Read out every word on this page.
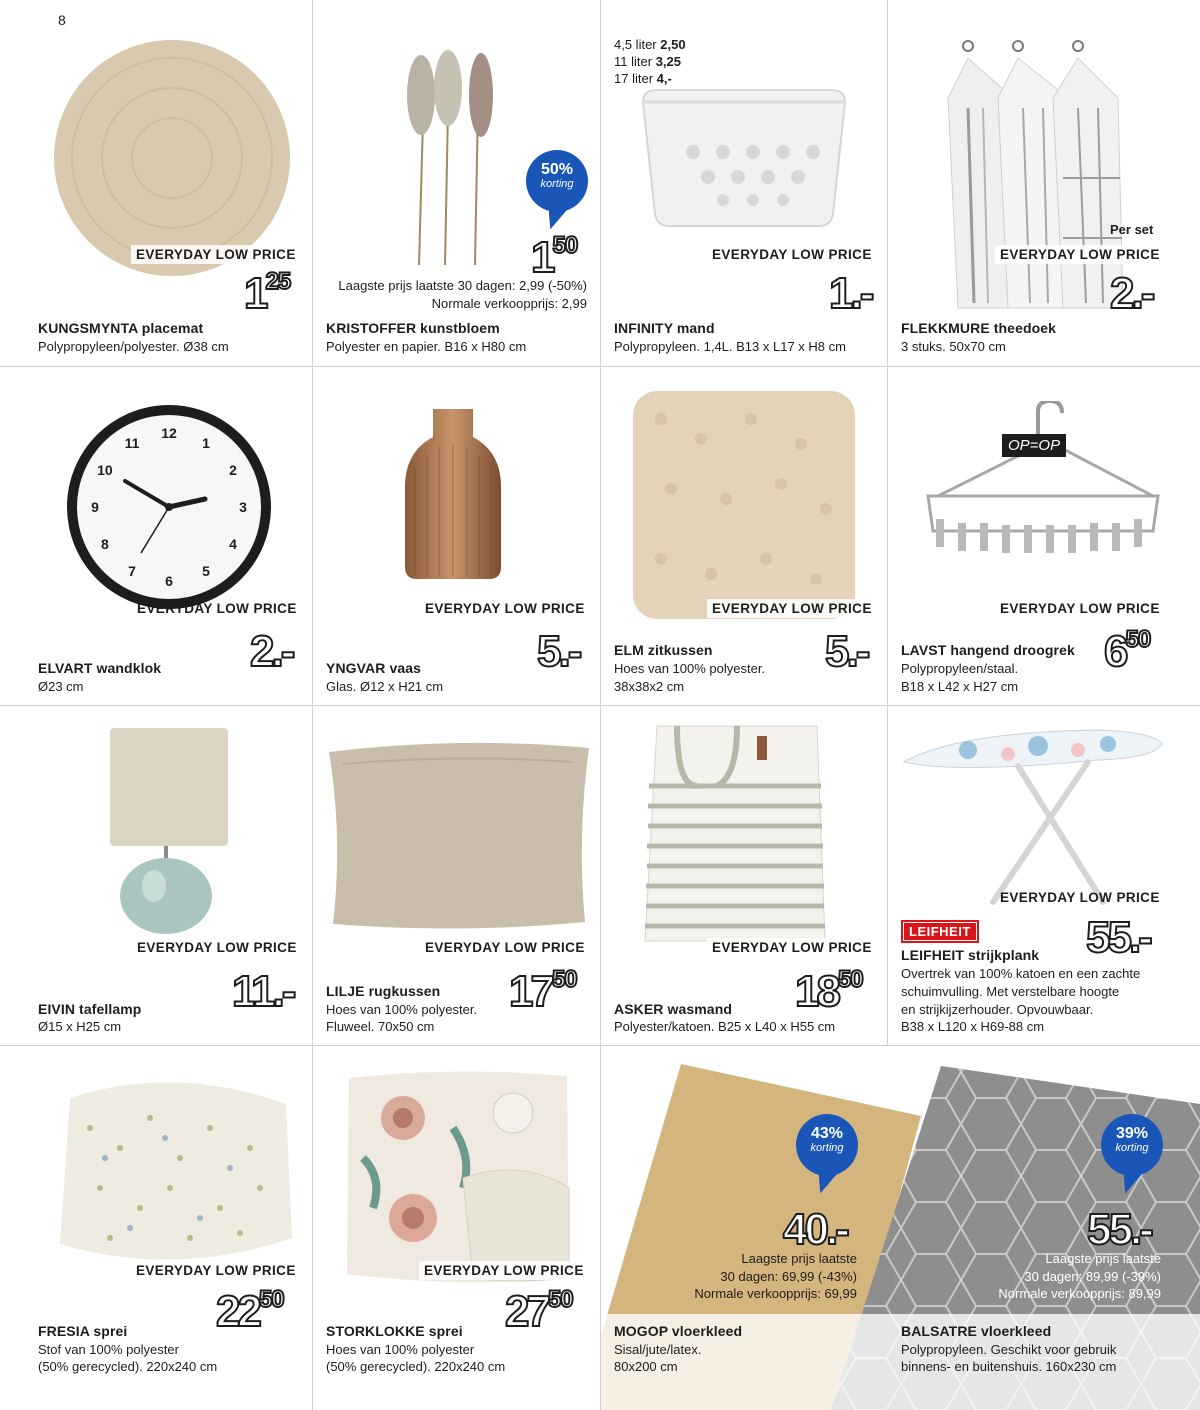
8
EVERYDAY LOW PRICE
$1^{25}$
KUNGSMYNTA placemat
Polypropyleen/polyester. Ø38 cm
50%
korting
$1^{50}$
Laagste prijs laatste 30 dagen: 2,99 (-50%)
Normale verkoopprijs: 2,99
KRISTOFFER kunstbloem
Polyester en papier. B16 x H80 cm
4,5 liter 2,50
11 liter 3,25
17 liter 4,-
EVERYDAY LOW PRICE
1.-
INFINITY mand
Polypropyleen. 1,4L. B13 x L17 x H8 cm
Per set
EVERYDAY LOW PRICE
2.-
FLEKKMURE theedoek
3 stuks. 50x70 cm
12
1
2
3
4
5
6
7
8
9
10
11
EVERYDAY LOW PRICE
2.-
ELVART wandklok
Ø23 cm
EVERYDAY LOW PRICE
5.-
YNGVAR vaas
Glas. Ø12 x H21 cm
EVERYDAY LOW PRICE
5.-
ELM zitkussen
Hoes van 100% polyester.
38x38x2 cm
OP=OP
EVERYDAY LOW PRICE
$6^{50}$
LAVST hangend droogrek
Polypropyleen/staal.
B18 x L42 x H27 cm
EVERYDAY LOW PRICE
11.-
EIVIN tafellamp
Ø15 x H25 cm
EVERYDAY LOW PRICE
$17^{50}$
LILJE rugkussen
Hoes van 100% polyester.
Fluweel. 70x50 cm
EVERYDAY LOW PRICE
$18^{50}$
ASKER wasmand
Polyester/katoen. B25 x L40 x H55 cm
EVERYDAY LOW PRICE
LEIFHEIT	55.-
LEIFHEIT strijkplank
Overtrek van 100% katoen en een zachte
schuimvulling. Met verstelbare hoogte
en strijkijzerhouder. Opvouwbaar.
B38 x L120 x H69-88 cm
EVERYDAY LOW PRICE
$22^{50}$
FRESIA sprei
Stof van 100% polyester
(50% gerecycled). 220x240 cm
EVERYDAY LOW PRICE
$27^{50}$
STORKLOKKE sprei
Hoes van 100% polyester
(50% gerecycled). 220x240 cm
43%
korting
40.-
Laagste prijs laatste
30 dagen: 69,99 (-43%)
Normale verkoopprijs: 69,99
MOGOP vloerkleed
Sisal/jute/latex.
80x200 cm
39%
korting
55.-
Laagste prijs laatste
30 dagen: 89,99 (-39%)
Normale verkoopprijs: 89,99
BALSATRE vloerkleed
Polypropyleen. Geschikt voor gebruik
binnens- en buitenshuis. 160x230 cm
